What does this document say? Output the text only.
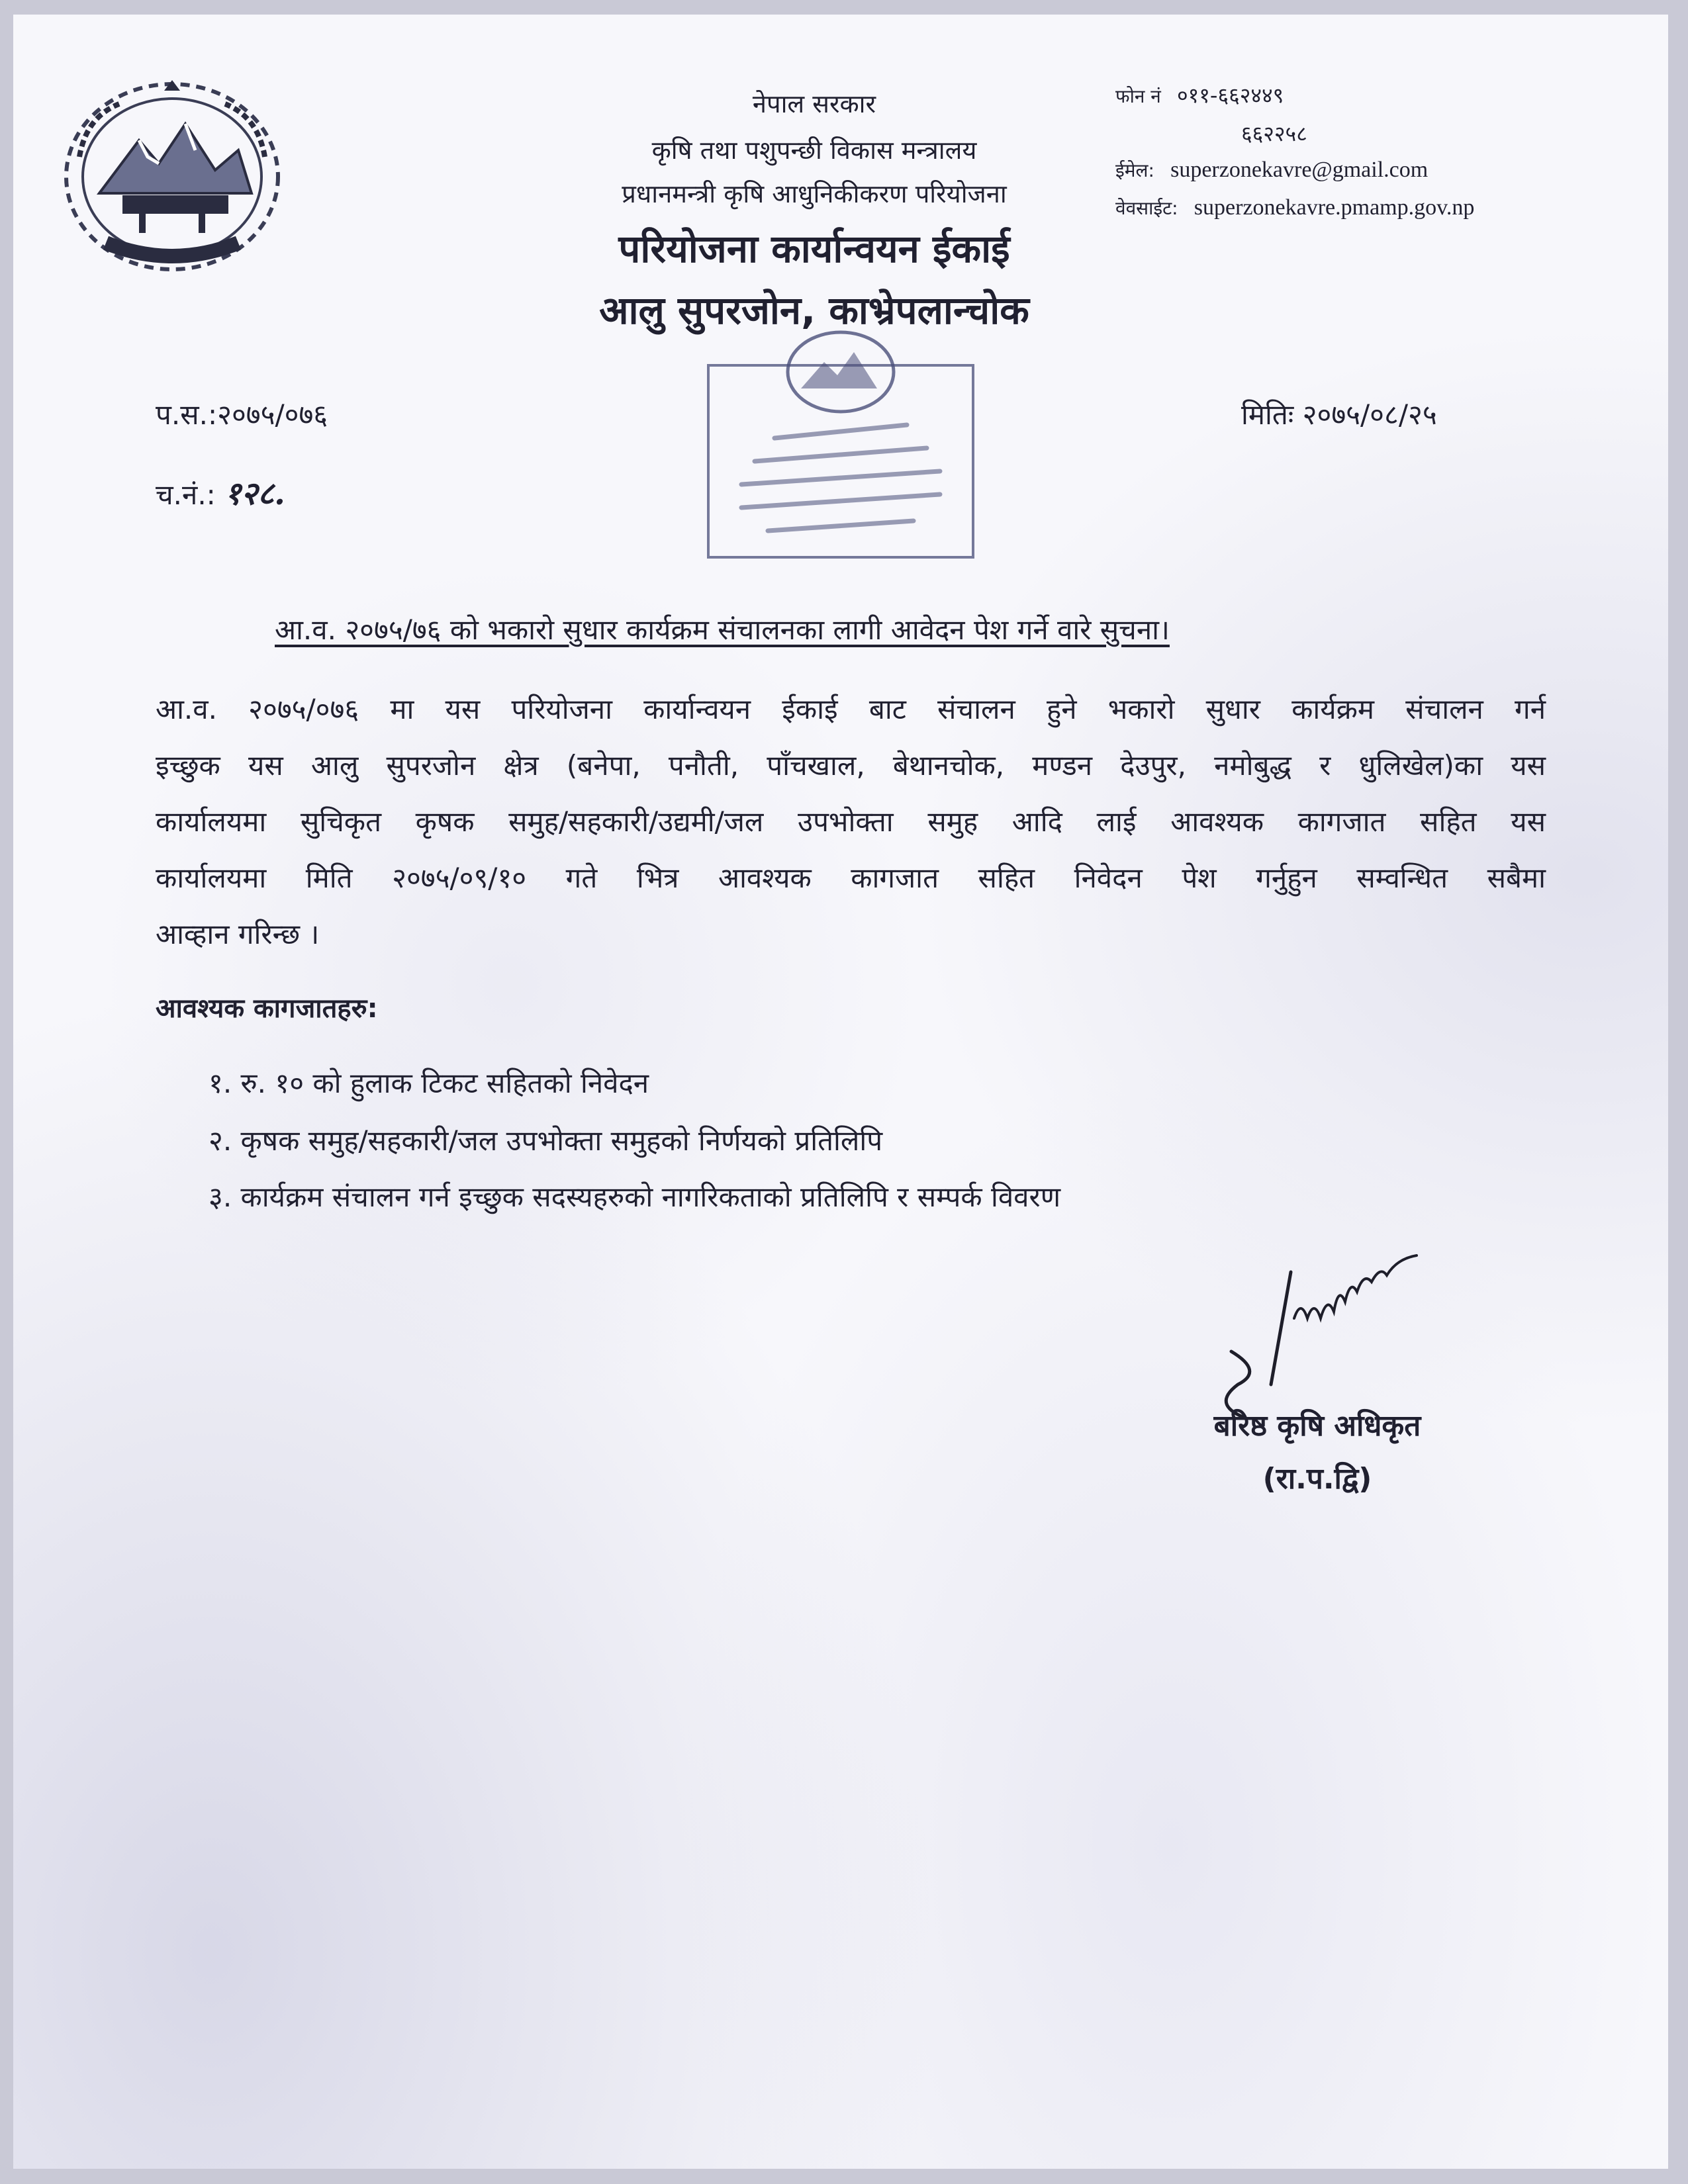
नेपाल सरकार
कृषि तथा पशुपन्छी विकास मन्त्रालय
प्रधानमन्त्री कृषि आधुनिकीकरण परियोजना
परियोजना कार्यान्वयन ईकाई
आलु सुपरजोन, काभ्रेपलान्चोक
फोन नं ०११-६६२४४९
६६२२५८
ईमेल: superzonekavre@gmail.com
वेवसाईट: superzonekavre.pmamp.gov.np
प.स.:२०७५/०७६
च.नं.: १२८.
मितिः २०७५/०८/२५
आ.व. २०७५/७६ को भकारो सुधार कार्यक्रम संचालनका लागी आवेदन पेश गर्ने वारे सुचना।
आ.व. २०७५/०७६ मा यस परियोजना कार्यान्वयन ईकाई बाट संचालन हुने भकारो सुधार कार्यक्रम संचालन गर्न
इच्छुक यस आलु सुपरजोन क्षेत्र (बनेपा, पनौती, पाँचखाल, बेथानचोक, मण्डन देउपुर, नमोबुद्ध र धुलिखेल)का यस
कार्यालयमा सुचिकृत कृषक समुह/सहकारी/उद्यमी/जल उपभोक्ता समुह आदि लाई आवश्यक कागजात सहित यस
कार्यालयमा मिति २०७५/०९/१० गते भित्र आवश्यक कागजात सहित निवेदन पेश गर्नुहुन सम्वन्धित सबैमा
आव्हान गरिन्छ ।
आवश्यक कागजातहरु:
१. रु. १० को हुलाक टिकट सहितको निवेदन
२. कृषक समुह/सहकारी/जल उपभोक्ता समुहको निर्णयको प्रतिलिपि
३. कार्यक्रम संचालन गर्न इच्छुक सदस्यहरुको नागरिकताको प्रतिलिपि र सम्पर्क विवरण
बरिष्ठ कृषि अधिकृत
(रा.प.द्वि)
